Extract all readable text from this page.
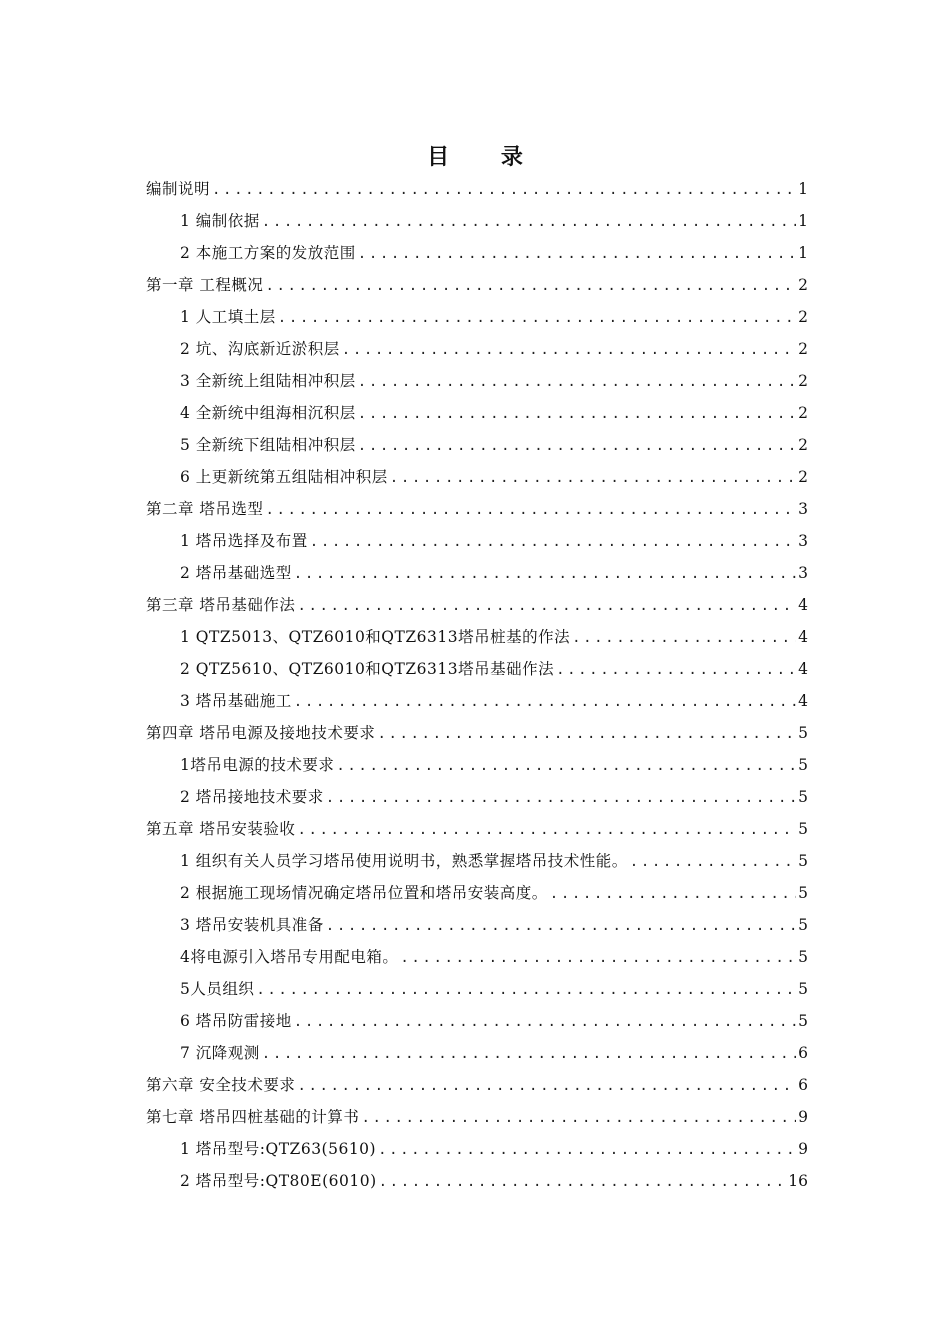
目 录
编制说明 .....	1
1 编制依据 .....	1
2 本施工方案的发放范围 .....	1
第一章 工程概况 .....	2
1 人工填土层 .....	2
2 坑、沟底新近淤积层 .....	2
3 全新统上组陆相冲积层 .....	2
4 全新统中组海相沉积层 .....	2
5 全新统下组陆相冲积层 .....	2
6 上更新统第五组陆相冲积层 .....	2
第二章 塔吊选型 .....	3
1 塔吊选择及布置 .....	3
2 塔吊基础选型 .....	3
第三章 塔吊基础作法 .....	4
1 QTZ5013、QTZ6010和QTZ6313塔吊桩基的作法 .....	4
2 QTZ5610、QTZ6010和QTZ6313塔吊基础作法 .....	4
3 塔吊基础施工 .....	4
第四章 塔吊电源及接地技术要求 .....	5
1塔吊电源的技术要求 .....	5
2 塔吊接地技术要求 .....	5
第五章 塔吊安装验收 .....	5
1 组织有关人员学习塔吊使用说明书，熟悉掌握塔吊技术性能。 .....	5
2 根据施工现场情况确定塔吊位置和塔吊安装高度。 .....	5
3 塔吊安装机具准备 .....	5
4将电源引入塔吊专用配电箱。 .....	5
5人员组织 .....	5
6 塔吊防雷接地 .....	5
7 沉降观测 .....	6
第六章 安全技术要求 .....	6
第七章 塔吊四桩基础的计算书 .....	9
1 塔吊型号:QTZ63(5610) .....	9
2 塔吊型号:QT80E(6010) .....	16
